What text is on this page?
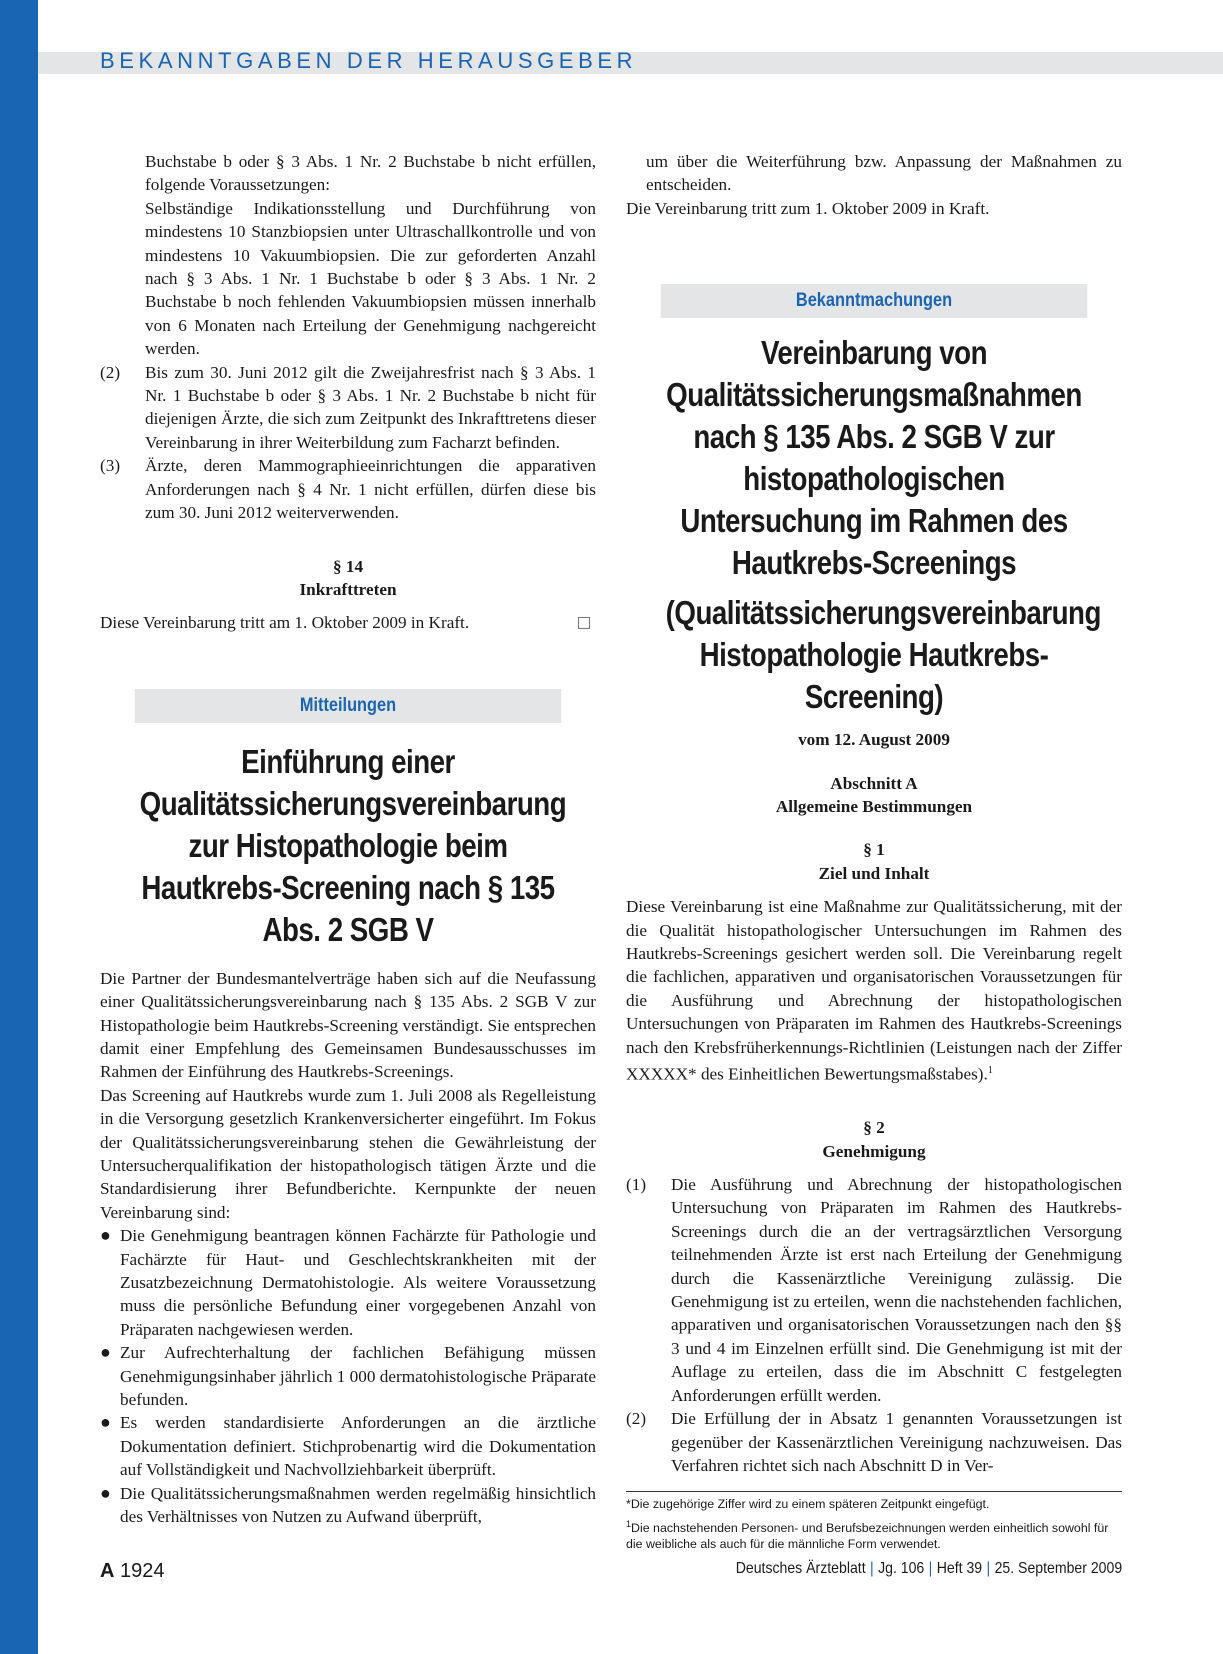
BEKANNTGABEN DER HERAUSGEBER

Buchstabe b oder § 3 Abs. 1 Nr. 2 Buchstabe b nicht erfüllen, folgende Voraussetzungen:

Selbständige Indikationsstellung und Durchführung von mindestens 10 Stanzbiopsien unter Ultraschallkontrolle und von mindestens 10 Vakuumbiopsien. Die zur geforderten Anzahl nach § 3 Abs. 1 Nr. 1 Buchstabe b oder § 3 Abs. 1 Nr. 2 Buchstabe b noch fehlenden Vakuumbiopsien müssen innerhalb von 6 Monaten nach Erteilung der Genehmigung nachgereicht werden.

(2)	Bis zum 30. Juni 2012 gilt die Zweijahresfrist nach § 3 Abs. 1 Nr. 1 Buchstabe b oder § 3 Abs. 1 Nr. 2 Buchstabe b nicht für diejenigen Ärzte, die sich zum Zeitpunkt des Inkrafttretens dieser Vereinbarung in ihrer Weiterbildung zum Facharzt befinden.
(3)	Ärzte, deren Mammographieeinrichtungen die apparativen Anforderungen nach § 4 Nr. 1 nicht erfüllen, dürfen diese bis zum 30. Juni 2012 weiterverwenden.
§ 14
Inkrafttreten
Diese Vereinbarung tritt am 1. Oktober 2009 in Kraft.
Mitteilungen
Einführung einer Qualitätssicherungsvereinbarung zur Histopathologie beim Hautkrebs-Screening nach § 135 Abs. 2 SGB V

Die Partner der Bundesmantelverträge haben sich auf die Neufassung einer Qualitätssicherungsvereinbarung nach § 135 Abs. 2 SGB V zur Histopathologie beim Hautkrebs-Screening verständigt. Sie entsprechen damit einer Empfehlung des Gemeinsamen Bundesausschusses im Rahmen der Einführung des Hautkrebs-Screenings.

Das Screening auf Hautkrebs wurde zum 1. Juli 2008 als Regelleistung in die Versorgung gesetzlich Krankenversicherter eingeführt. Im Fokus der Qualitätssicherungsvereinbarung stehen die Gewährleistung der Untersucherqualifikation der histopathologisch tätigen Ärzte und die Standardisierung ihrer Befundberichte. Kernpunkte der neuen Vereinbarung sind:

● Die Genehmigung beantragen können Fachärzte für Pathologie und Fachärzte für Haut- und Geschlechtskrankheiten mit der Zusatzbezeichnung Dermatohistologie. Als weitere Voraussetzung muss die persönliche Befundung einer vorgegebenen Anzahl von Präparaten nachgewiesen werden.
● Zur Aufrechterhaltung der fachlichen Befähigung müssen Genehmigungsinhaber jährlich 1 000 dermatohistologische Präparate befunden.
● Es werden standardisierte Anforderungen an die ärztliche Dokumentation definiert. Stichprobenartig wird die Dokumentation auf Vollständigkeit und Nachvollziehbarkeit überprüft.
● Die Qualitätssicherungsmaßnahmen werden regelmäßig hinsichtlich des Verhältnisses von Nutzen zu Aufwand überprüft,

um über die Weiterführung bzw. Anpassung der Maßnahmen zu entscheiden.

Die Vereinbarung tritt zum 1. Oktober 2009 in Kraft.

Bekanntmachungen
Vereinbarung von Qualitätssicherungsmaßnahmen nach § 135 Abs. 2 SGB V zur histopathologischen Untersuchung im Rahmen des Hautkrebs-Screenings
(Qualitätssicherungsvereinbarung Histopathologie Hautkrebs-Screening)
vom 12. August 2009
Abschnitt A
Allgemeine Bestimmungen
§ 1
Ziel und Inhalt

Diese Vereinbarung ist eine Maßnahme zur Qualitätssicherung, mit der die Qualität histopathologischer Untersuchungen im Rahmen des Hautkrebs-Screenings gesichert werden soll. Die Vereinbarung regelt die fachlichen, apparativen und organisatorischen Voraussetzungen für die Ausführung und Abrechnung der histopathologischen Untersuchungen von Präparaten im Rahmen des Hautkrebs-Screenings nach den Krebsfrüherkennungs-Richtlinien (Leistungen nach der Ziffer XXXXX* des Einheitlichen Bewertungsmaßstabes).$^1$

§ 2
Genehmigung
(1)	Die Ausführung und Abrechnung der histopathologischen Untersuchung von Präparaten im Rahmen des Hautkrebs-Screenings durch die an der vertragsärztlichen Versorgung teilnehmenden Ärzte ist erst nach Erteilung der Genehmigung durch die Kassenärztliche Vereinigung zulässig. Die Genehmigung ist zu erteilen, wenn die nachstehenden fachlichen, apparativen und organisatorischen Voraussetzungen nach den §§ 3 und 4 im Einzelnen erfüllt sind. Die Genehmigung ist mit der Auflage zu erteilen, dass die im Abschnitt C festgelegten Anforderungen erfüllt werden.
(2)	Die Erfüllung der in Absatz 1 genannten Voraussetzungen ist gegenüber der Kassenärztlichen Vereinigung nachzuweisen. Das Verfahren richtet sich nach Abschnitt D in Ver-
*Die zugehörige Ziffer wird zu einem späteren Zeitpunkt eingefügt.
$^1$Die nachstehenden Personen- und Berufsbezeichnungen werden einheitlich sowohl für die weibliche als auch für die männliche Form verwendet.
A 1924	Deutsches Ärzteblatt | Jg. 106 | Heft 39 | 25. September 2009
